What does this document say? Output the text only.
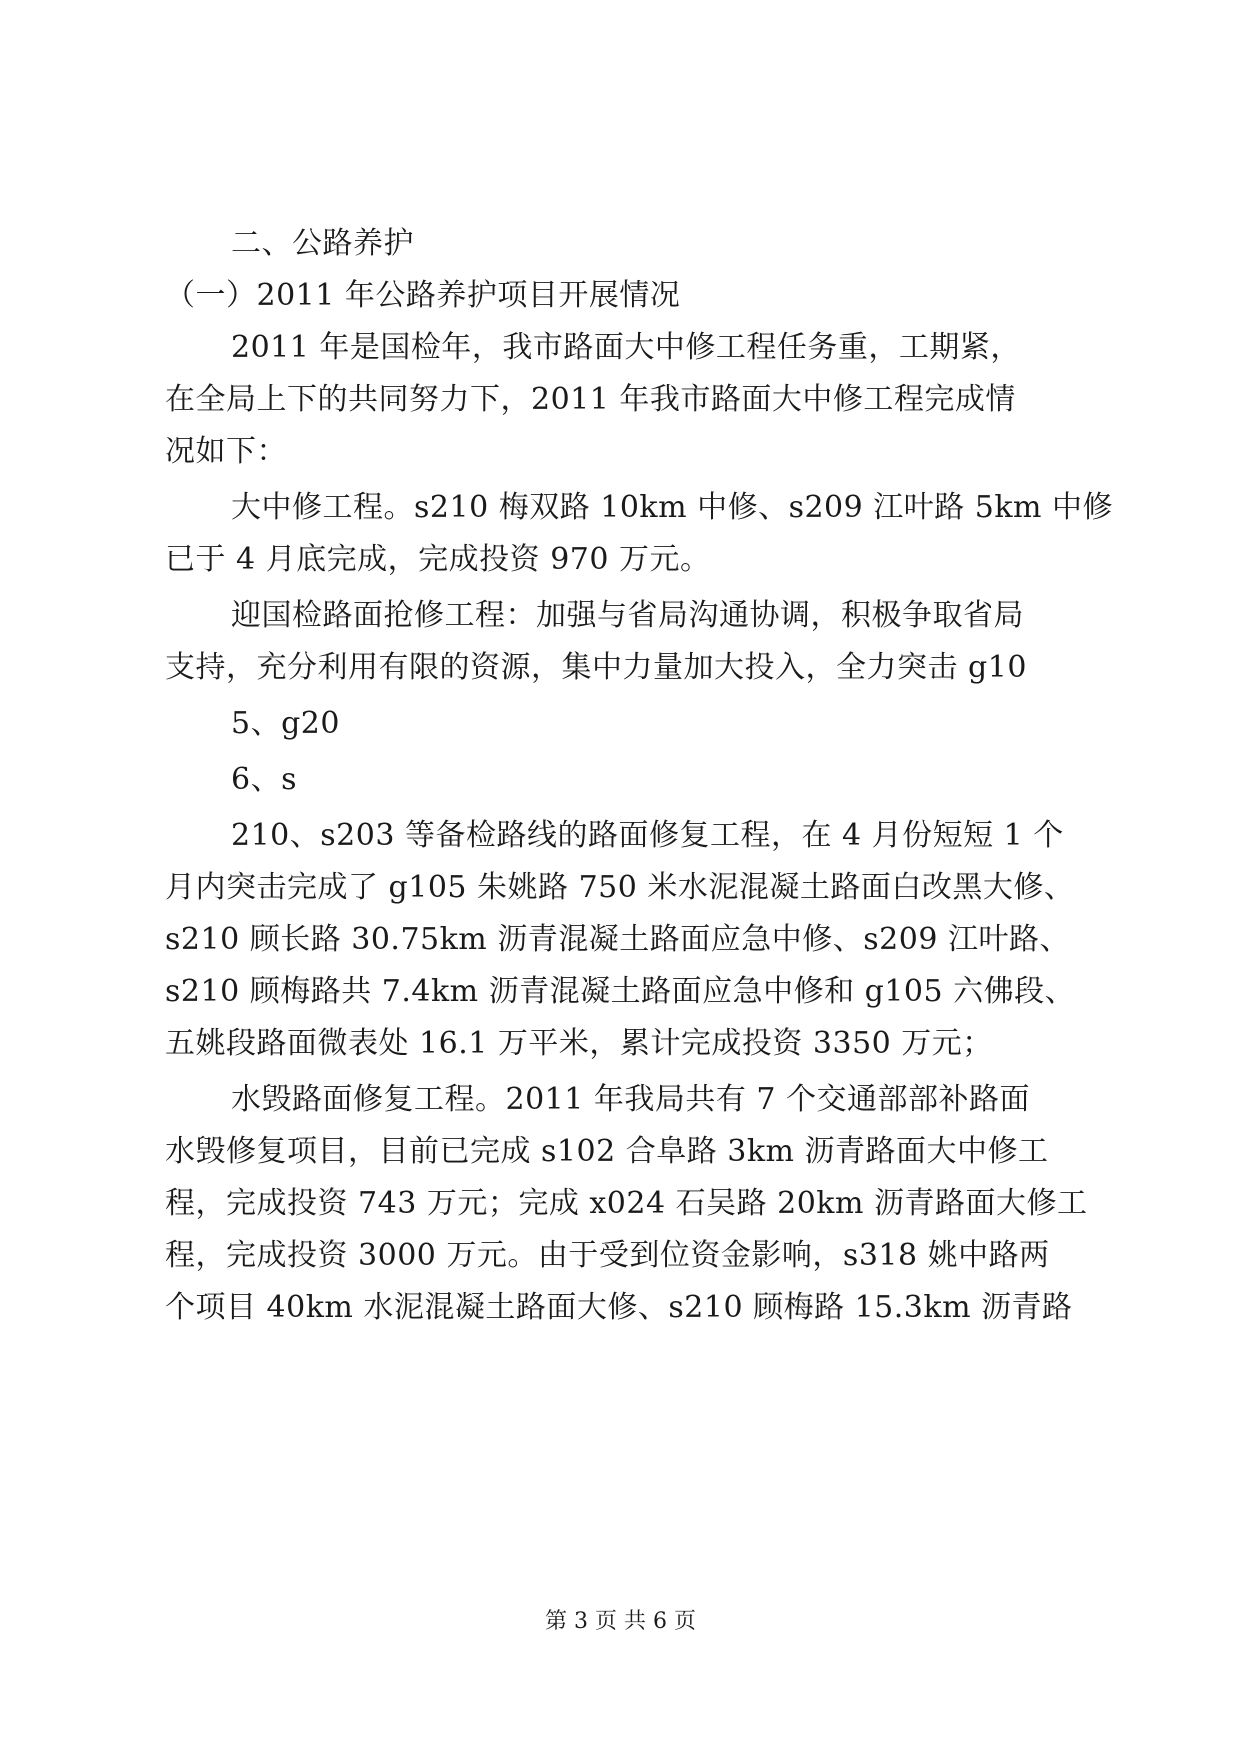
二、公路养护
（一）2011 年公路养护项目开展情况
2011 年是国检年，我市路面大中修工程任务重，工期紧，
在全局上下的共同努力下，2011 年我市路面大中修工程完成情
况如下：
大中修工程。s210 梅双路 10km 中修、s209 江叶路 5km 中修
已于 4 月底完成，完成投资 970 万元。
迎国检路面抢修工程：加强与省局沟通协调，积极争取省局
支持，充分利用有限的资源，集中力量加大投入，全力突击 g10
5、g20
6、s
210、s203 等备检路线的路面修复工程，在 4 月份短短 1 个
月内突击完成了 g105 朱姚路 750 米水泥混凝土路面白改黑大修、
s210 顾长路 30.75km 沥青混凝土路面应急中修、s209 江叶路、
s210 顾梅路共 7.4km 沥青混凝土路面应急中修和 g105 六佛段、
五姚段路面微表处 16.1 万平米，累计完成投资 3350 万元；
水毁路面修复工程。2011 年我局共有 7 个交通部部补路面
水毁修复项目，目前已完成 s102 合阜路 3km 沥青路面大中修工
程，完成投资 743 万元；完成 x024 石吴路 20km 沥青路面大修工
程，完成投资 3000 万元。由于受到位资金影响，s318 姚中路两
个项目 40km 水泥混凝土路面大修、s210 顾梅路 15.3km 沥青路
第 3 页 共 6 页
